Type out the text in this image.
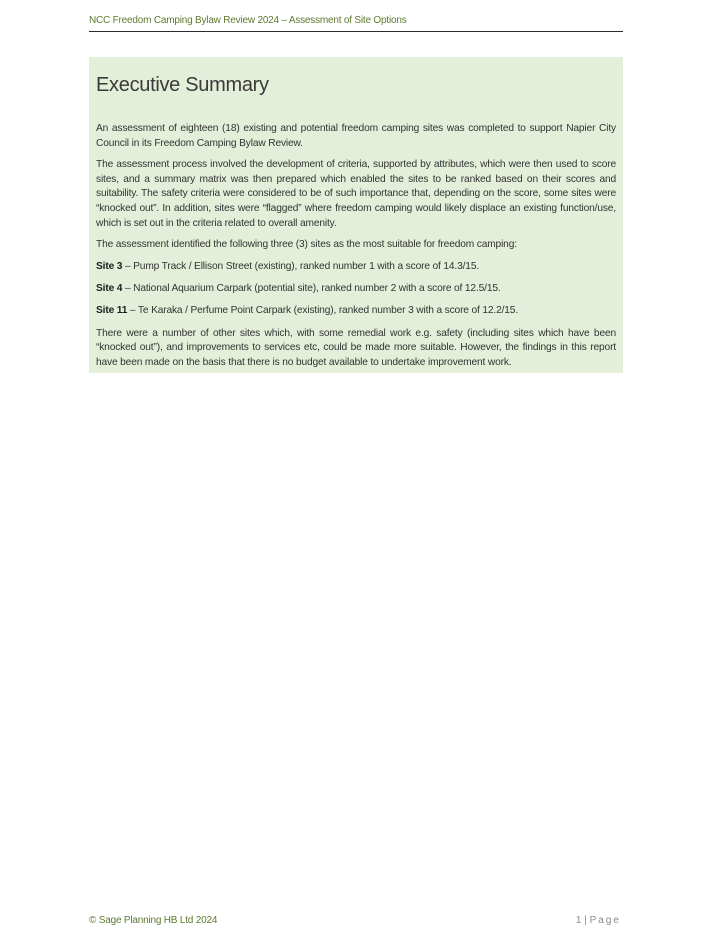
NCC Freedom Camping Bylaw Review 2024 – Assessment of Site Options
Executive Summary

An assessment of eighteen (18) existing and potential freedom camping sites was completed to support Napier City Council in its Freedom Camping Bylaw Review.

The assessment process involved the development of criteria, supported by attributes, which were then used to score sites, and a summary matrix was then prepared which enabled the sites to be ranked based on their scores and suitability. The safety criteria were considered to be of such importance that, depending on the score, some sites were “knocked out”. In addition, sites were “flagged” where freedom camping would likely displace an existing function/use, which is set out in the criteria related to overall amenity.

The assessment identified the following three (3) sites as the most suitable for freedom camping:

Site 3 – Pump Track / Ellison Street (existing), ranked number 1 with a score of 14.3/15.

Site 4 – National Aquarium Carpark (potential site), ranked number 2 with a score of 12.5/15.

Site 11 – Te Karaka / Perfume Point Carpark (existing), ranked number 3 with a score of 12.2/15.

There were a number of other sites which, with some remedial work e.g. safety (including sites which have been “knocked out”), and improvements to services etc, could be made more suitable. However, the findings in this report have been made on the basis that there is no budget available to undertake improvement work.

© Sage Planning HB Ltd 2024	1 | Page
